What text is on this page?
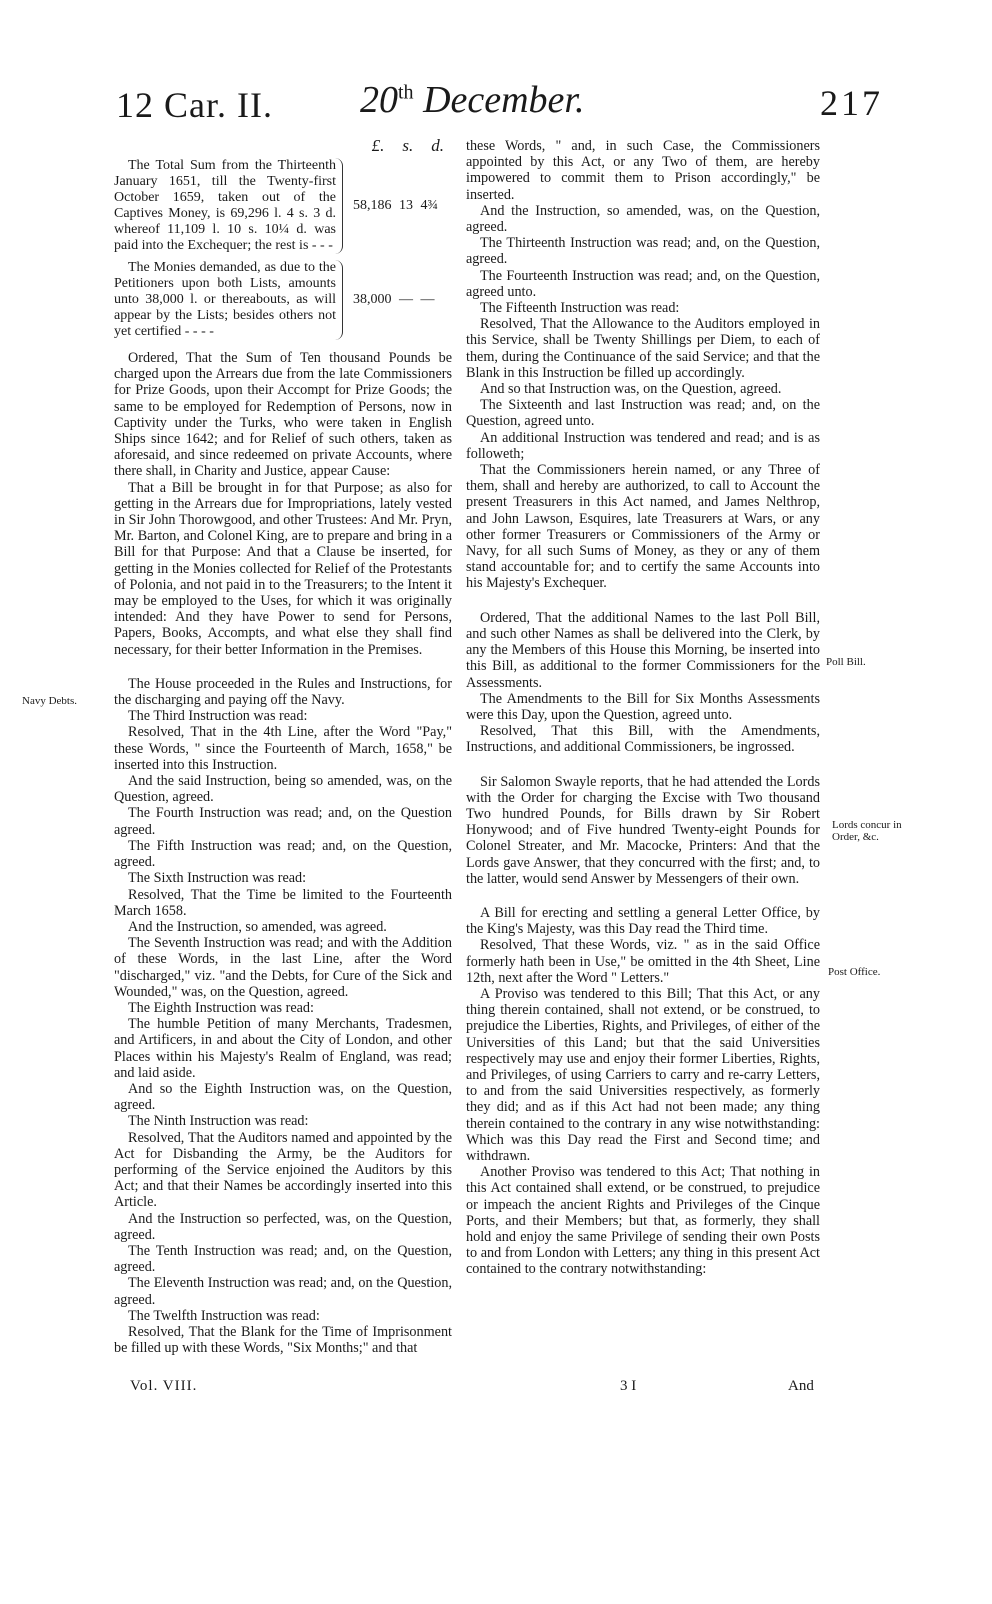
12 Car. II. 20th December.	217
£. s. d.
The Total Sum from the Thirteenth January 1651, till the Twenty-first October 1659, taken out of the Captives Money, is 69,296 l. 4 s. 3 d. whereof 11,109 l. 10 s. 10¼ d. was paid into the Exchequer; the rest is - - -
58,186 13 4¾
The Monies demanded, as due to the Petitioners upon both Lists, amounts unto 38,000 l. or thereabouts, as will appear by the Lists; besides others not yet certified - - - -
38,000 — —

Ordered, That the Sum of Ten thousand Pounds be charged upon the Arrears due from the late Commissioners for Prize Goods, upon their Accompt for Prize Goods; the same to be employed for Redemption of Persons, now in Captivity under the Turks, who were taken in English Ships since 1642; and for Relief of such others, taken as aforesaid, and since redeemed on private Accounts, where there shall, in Charity and Justice, appear Cause:

That a Bill be brought in for that Purpose; as also for getting in the Arrears due for Impropriations, lately vested in Sir John Thorowgood, and other Trustees: And Mr. Pryn, Mr. Barton, and Colonel King, are to prepare and bring in a Bill for that Purpose: And that a Clause be inserted, for getting in the Monies collected for Relief of the Protestants of Polonia, and not paid in to the Treasurers; to the Intent it may be employed to the Uses, for which it was originally intended: And they have Power to send for Persons, Papers, Books, Accompts, and what else they shall find necessary, for their better Information in the Premises.

The House proceeded in the Rules and Instructions, for the discharging and paying off the Navy.

The Third Instruction was read:

Resolved, That in the 4th Line, after the Word "Pay," these Words, " since the Fourteenth of March, 1658," be inserted into this Instruction.

And the said Instruction, being so amended, was, on the Question, agreed.

The Fourth Instruction was read; and, on the Question agreed.

The Fifth Instruction was read; and, on the Question, agreed.

The Sixth Instruction was read:

Resolved, That the Time be limited to the Fourteenth March 1658.

And the Instruction, so amended, was agreed.

The Seventh Instruction was read; and with the Addition of these Words, in the last Line, after the Word "discharged," viz. "and the Debts, for Cure of the Sick and Wounded," was, on the Question, agreed.

The Eighth Instruction was read:

The humble Petition of many Merchants, Tradesmen, and Artificers, in and about the City of London, and other Places within his Majesty's Realm of England, was read; and laid aside.

And so the Eighth Instruction was, on the Question, agreed.

The Ninth Instruction was read:

Resolved, That the Auditors named and appointed by the Act for Disbanding the Army, be the Auditors for performing of the Service enjoined the Auditors by this Act; and that their Names be accordingly inserted into this Article.

And the Instruction so perfected, was, on the Question, agreed.

The Tenth Instruction was read; and, on the Question, agreed.

The Eleventh Instruction was read; and, on the Question, agreed.

The Twelfth Instruction was read:

Resolved, That the Blank for the Time of Imprisonment be filled up with these Words, "Six Months;" and that

these Words, " and, in such Case, the Commissioners appointed by this Act, or any Two of them, are hereby impowered to commit them to Prison accordingly," be inserted.

And the Instruction, so amended, was, on the Question, agreed.

The Thirteenth Instruction was read; and, on the Question, agreed.

The Fourteenth Instruction was read; and, on the Question, agreed unto.

The Fifteenth Instruction was read:

Resolved, That the Allowance to the Auditors employed in this Service, shall be Twenty Shillings per Diem, to each of them, during the Continuance of the said Service; and that the Blank in this Instruction be filled up accordingly.

And so that Instruction was, on the Question, agreed.

The Sixteenth and last Instruction was read; and, on the Question, agreed unto.

An additional Instruction was tendered and read; and is as followeth;

That the Commissioners herein named, or any Three of them, shall and hereby are authorized, to call to Account the present Treasurers in this Act named, and James Nelthrop, and John Lawson, Esquires, late Treasurers at Wars, or any other former Treasurers or Commissioners of the Army or Navy, for all such Sums of Money, as they or any of them stand accountable for; and to certify the same Accounts into his Majesty's Exchequer.

Ordered, That the additional Names to the last Poll Bill, and such other Names as shall be delivered into the Clerk, by any the Members of this House this Morning, be inserted into this Bill, as additional to the former Commissioners for the Assessments.

The Amendments to the Bill for Six Months Assessments were this Day, upon the Question, agreed unto.

Resolved, That this Bill, with the Amendments, Instructions, and additional Commissioners, be ingrossed.

Sir Salomon Swayle reports, that he had attended the Lords with the Order for charging the Excise with Two thousand Two hundred Pounds, for Bills drawn by Sir Robert Honywood; and of Five hundred Twenty-eight Pounds for Colonel Streater, and Mr. Macocke, Printers: And that the Lords gave Answer, that they concurred with the first; and, to the latter, would send Answer by Messengers of their own.

A Bill for erecting and settling a general Letter Office, by the King's Majesty, was this Day read the Third time.

Resolved, That these Words, viz. " as in the said Office formerly hath been in Use," be omitted in the 4th Sheet, Line 12th, next after the Word " Letters."

A Proviso was tendered to this Bill; That this Act, or any thing therein contained, shall not extend, or be construed, to prejudice the Liberties, Rights, and Privileges, of either of the Universities of this Land; but that the said Universities respectively may use and enjoy their former Liberties, Rights, and Privileges, of using Carriers to carry and re-carry Letters, to and from the said Universities respectively, as formerly they did; and as if this Act had not been made; any thing therein contained to the contrary in any wise notwithstanding: Which was this Day read the First and Second time; and withdrawn.

Another Proviso was tendered to this Act; That nothing in this Act contained shall extend, or be construed, to prejudice or impeach the ancient Rights and Privileges of the Cinque Ports, and their Members; but that, as formerly, they shall hold and enjoy the same Privilege of sending their own Posts to and from London with Letters; any thing in this present Act contained to the contrary notwithstanding:

Navy Debts.
Poll Bill.
Lords concur in Order, &c.
Post Office.
Vol. VIII.	3 I	And
